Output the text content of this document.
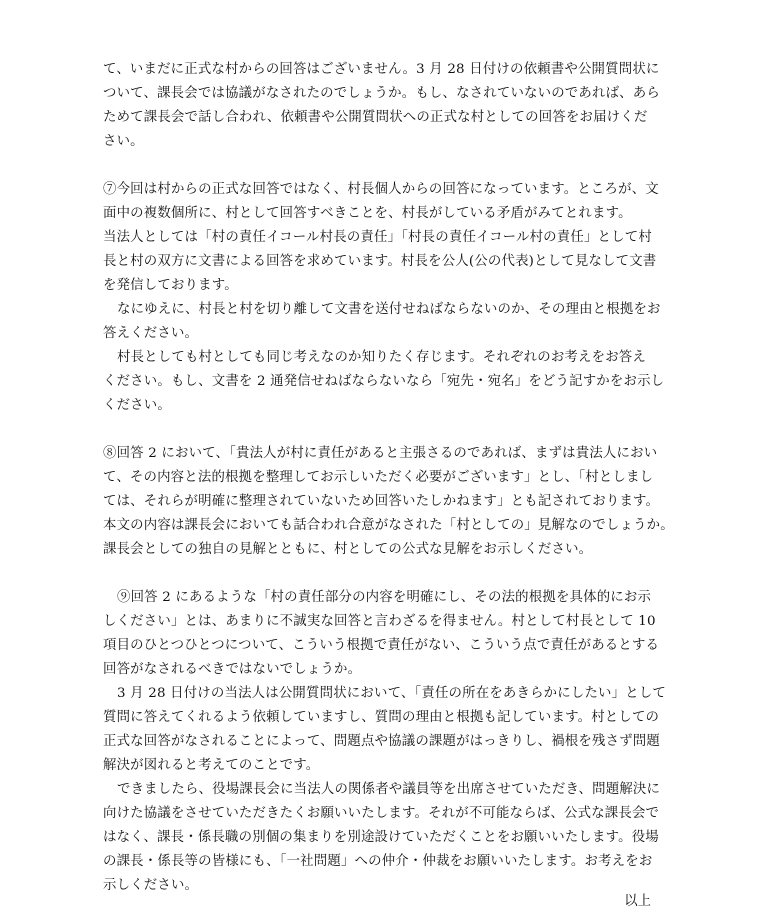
て、いまだに正式な村からの回答はございません。3 月 28 日付けの依頼書や公開質問状に
ついて、課長会では協議がなされたのでしょうか。もし、なされていないのであれば、あら
ためて課長会で話し合われ、依頼書や公開質問状への正式な村としての回答をお届けくだ
さい。
⑦今回は村からの正式な回答ではなく、村長個人からの回答になっています。ところが、文
面中の複数個所に、村として回答すべきことを、村長がしている矛盾がみてとれます。
当法人としては「村の責任イコール村長の責任」「村長の責任イコール村の責任」として村
長と村の双方に文書による回答を求めています。村長を公人(公の代表)として見なして文書
を発信しております。
なにゆえに、村長と村を切り離して文書を送付せねばならないのか、その理由と根拠をお
答えください。
村長としても村としても同じ考えなのか知りたく存じます。それぞれのお考えをお答え
ください。もし、文書を 2 通発信せねばならないなら「宛先・宛名」をどう記すかをお示し
ください。
⑧回答 2 において、「貴法人が村に責任があると主張さるのであれば、まずは貴法人におい
て、その内容と法的根拠を整理してお示しいただく必要がございます」とし、「村としまし
ては、それらが明確に整理されていないため回答いたしかねます」とも記されております。
本文の内容は課長会においても話合われ合意がなされた「村としての」見解なのでしょうか。
課長会としての独自の見解とともに、村としての公式な見解をお示しください。
⑨回答 2 にあるような「村の責任部分の内容を明確にし、その法的根拠を具体的にお示
しください」とは、あまりに不誠実な回答と言わざるを得ません。村として村長として 10
項目のひとつひとつについて、こういう根拠で責任がない、こういう点で責任があるとする
回答がなされるべきではないでしょうか。
3 月 28 日付けの当法人は公開質問状において、「責任の所在をあきらかにしたい」として
質問に答えてくれるよう依頼していますし、質問の理由と根拠も記しています。村としての
正式な回答がなされることによって、問題点や協議の課題がはっきりし、禍根を残さず問題
解決が図れると考えてのことです。
できましたら、役場課長会に当法人の関係者や議員等を出席させていただき、問題解決に
向けた協議をさせていただきたくお願いいたします。それが不可能ならば、公式な課長会で
はなく、課長・係長職の別個の集まりを別途設けていただくことをお願いいたします。役場
の課長・係長等の皆様にも、「一社問題」への仲介・仲裁をお願いいたします。お考えをお
示しください。
以上
